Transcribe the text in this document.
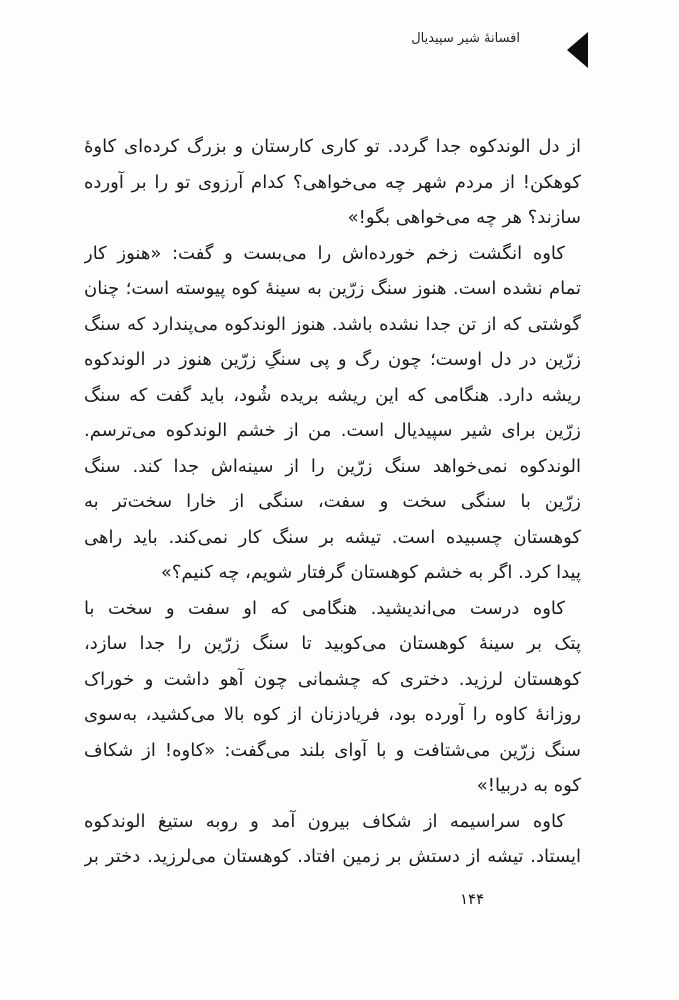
افسانهٔ شیر سپیدیال
از دل الوندکوه جدا گردد. تو کاری کارستان و بزرگ کرده‌ای کاوهٔ
کوهکن! از مردم شهر چه می‌خواهی؟ کدام آرزوی تو را بر آورده
سازند؟ هر چه می‌خواهی بگو!»
کاوه انگشت زخم خورده‌اش را می‌بست و گفت: «هنوز کار
تمام نشده است. هنوز سنگ زرّین به سینهٔ کوه پیوسته است؛ چنان
گوشتی که از تن جدا نشده باشد. هنوز الوندکوه می‌پندارد که سنگ
زرّین در دل اوست؛ چون رگ و پی سنگِ زرّین هنوز در الوندکوه
ریشه دارد. هنگامی که این ریشه بریده شُود، باید گفت که سنگ
زرّین برای شیر سپیدیال است. من از خشم الوندکوه می‌ترسم.
الوندکوه نمی‌خواهد سنگ زرّین را از سینه‌اش جدا کند. سنگ
زرّین با سنگی سخت و سفت، سنگی از خارا سخت‌تر به
کوهستان چسبیده است. تیشه بر سنگ کار نمی‌کند. باید راهی
پیدا کرد. اگر به خشم کوهستان گرفتار شویم، چه کنیم؟»
کاوه درست می‌اندیشید. هنگامی که او سفت و سخت با
پتک بر سینهٔ کوهستان می‌کوبید تا سنگ زرّین را جدا سازد،
کوهستان لرزید. دختری که چشمانی چون آهو داشت و خوراک
روزانهٔ کاوه را آورده بود، فریادزنان از کوه بالا می‌کشید، به‌سوی
سنگ زرّین می‌شتافت و با آوای بلند می‌گفت: «کاوه! از شکاف
کوه به دربیا!»
کاوه سراسیمه از شکاف بیرون آمد و روبه ستیغ الوندکوه
ایستاد. تیشه از دستش بر زمین افتاد. کوهستان می‌لرزید. دختر بر
۱۴۴
